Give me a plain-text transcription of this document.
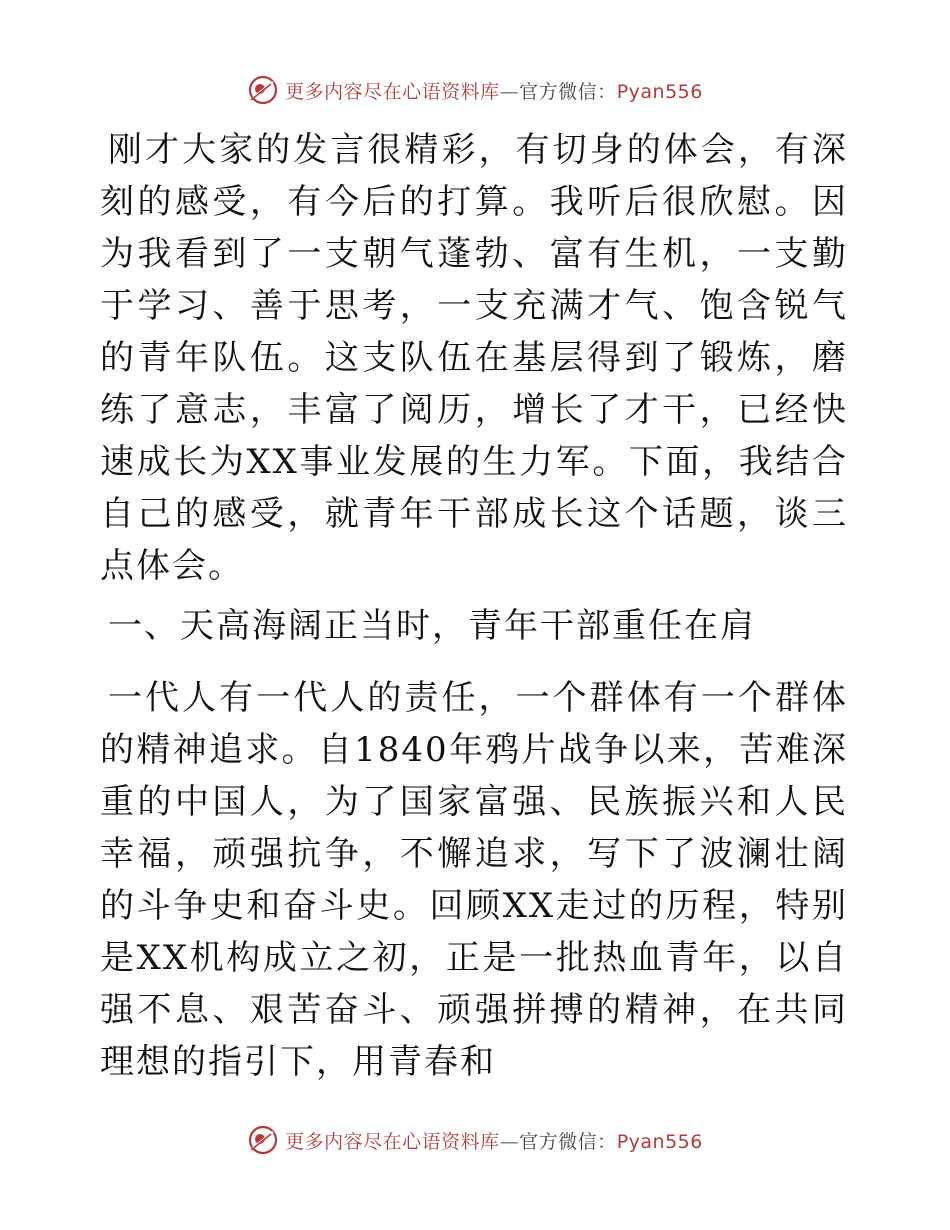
更多内容尽在心语资料库—官方微信：Pyan556

刚才大家的发言很精彩，有切身的体会，有深刻的感受，有今后的打算。我听后很欣慰。因为我看到了一支朝气蓬勃、富有生机，一支勤于学习、善于思考，一支充满才气、饱含锐气的青年队伍。这支队伍在基层得到了锻炼，磨练了意志，丰富了阅历，增长了才干，已经快速成长为XX事业发展的生力军。下面，我结合自己的感受，就青年干部成长这个话题，谈三点体会。

一、天高海阔正当时，青年干部重任在肩

一代人有一代人的责任，一个群体有一个群体的精神追求。自1840年鸦片战争以来，苦难深重的中国人，为了国家富强、民族振兴和人民幸福，顽强抗争，不懈追求，写下了波澜壮阔的斗争史和奋斗史。回顾XX走过的历程，特别是XX机构成立之初，正是一批热血青年，以自强不息、艰苦奋斗、顽强拼搏的精神，在共同理想的指引下，用青春和

更多内容尽在心语资料库—官方微信：Pyan556
